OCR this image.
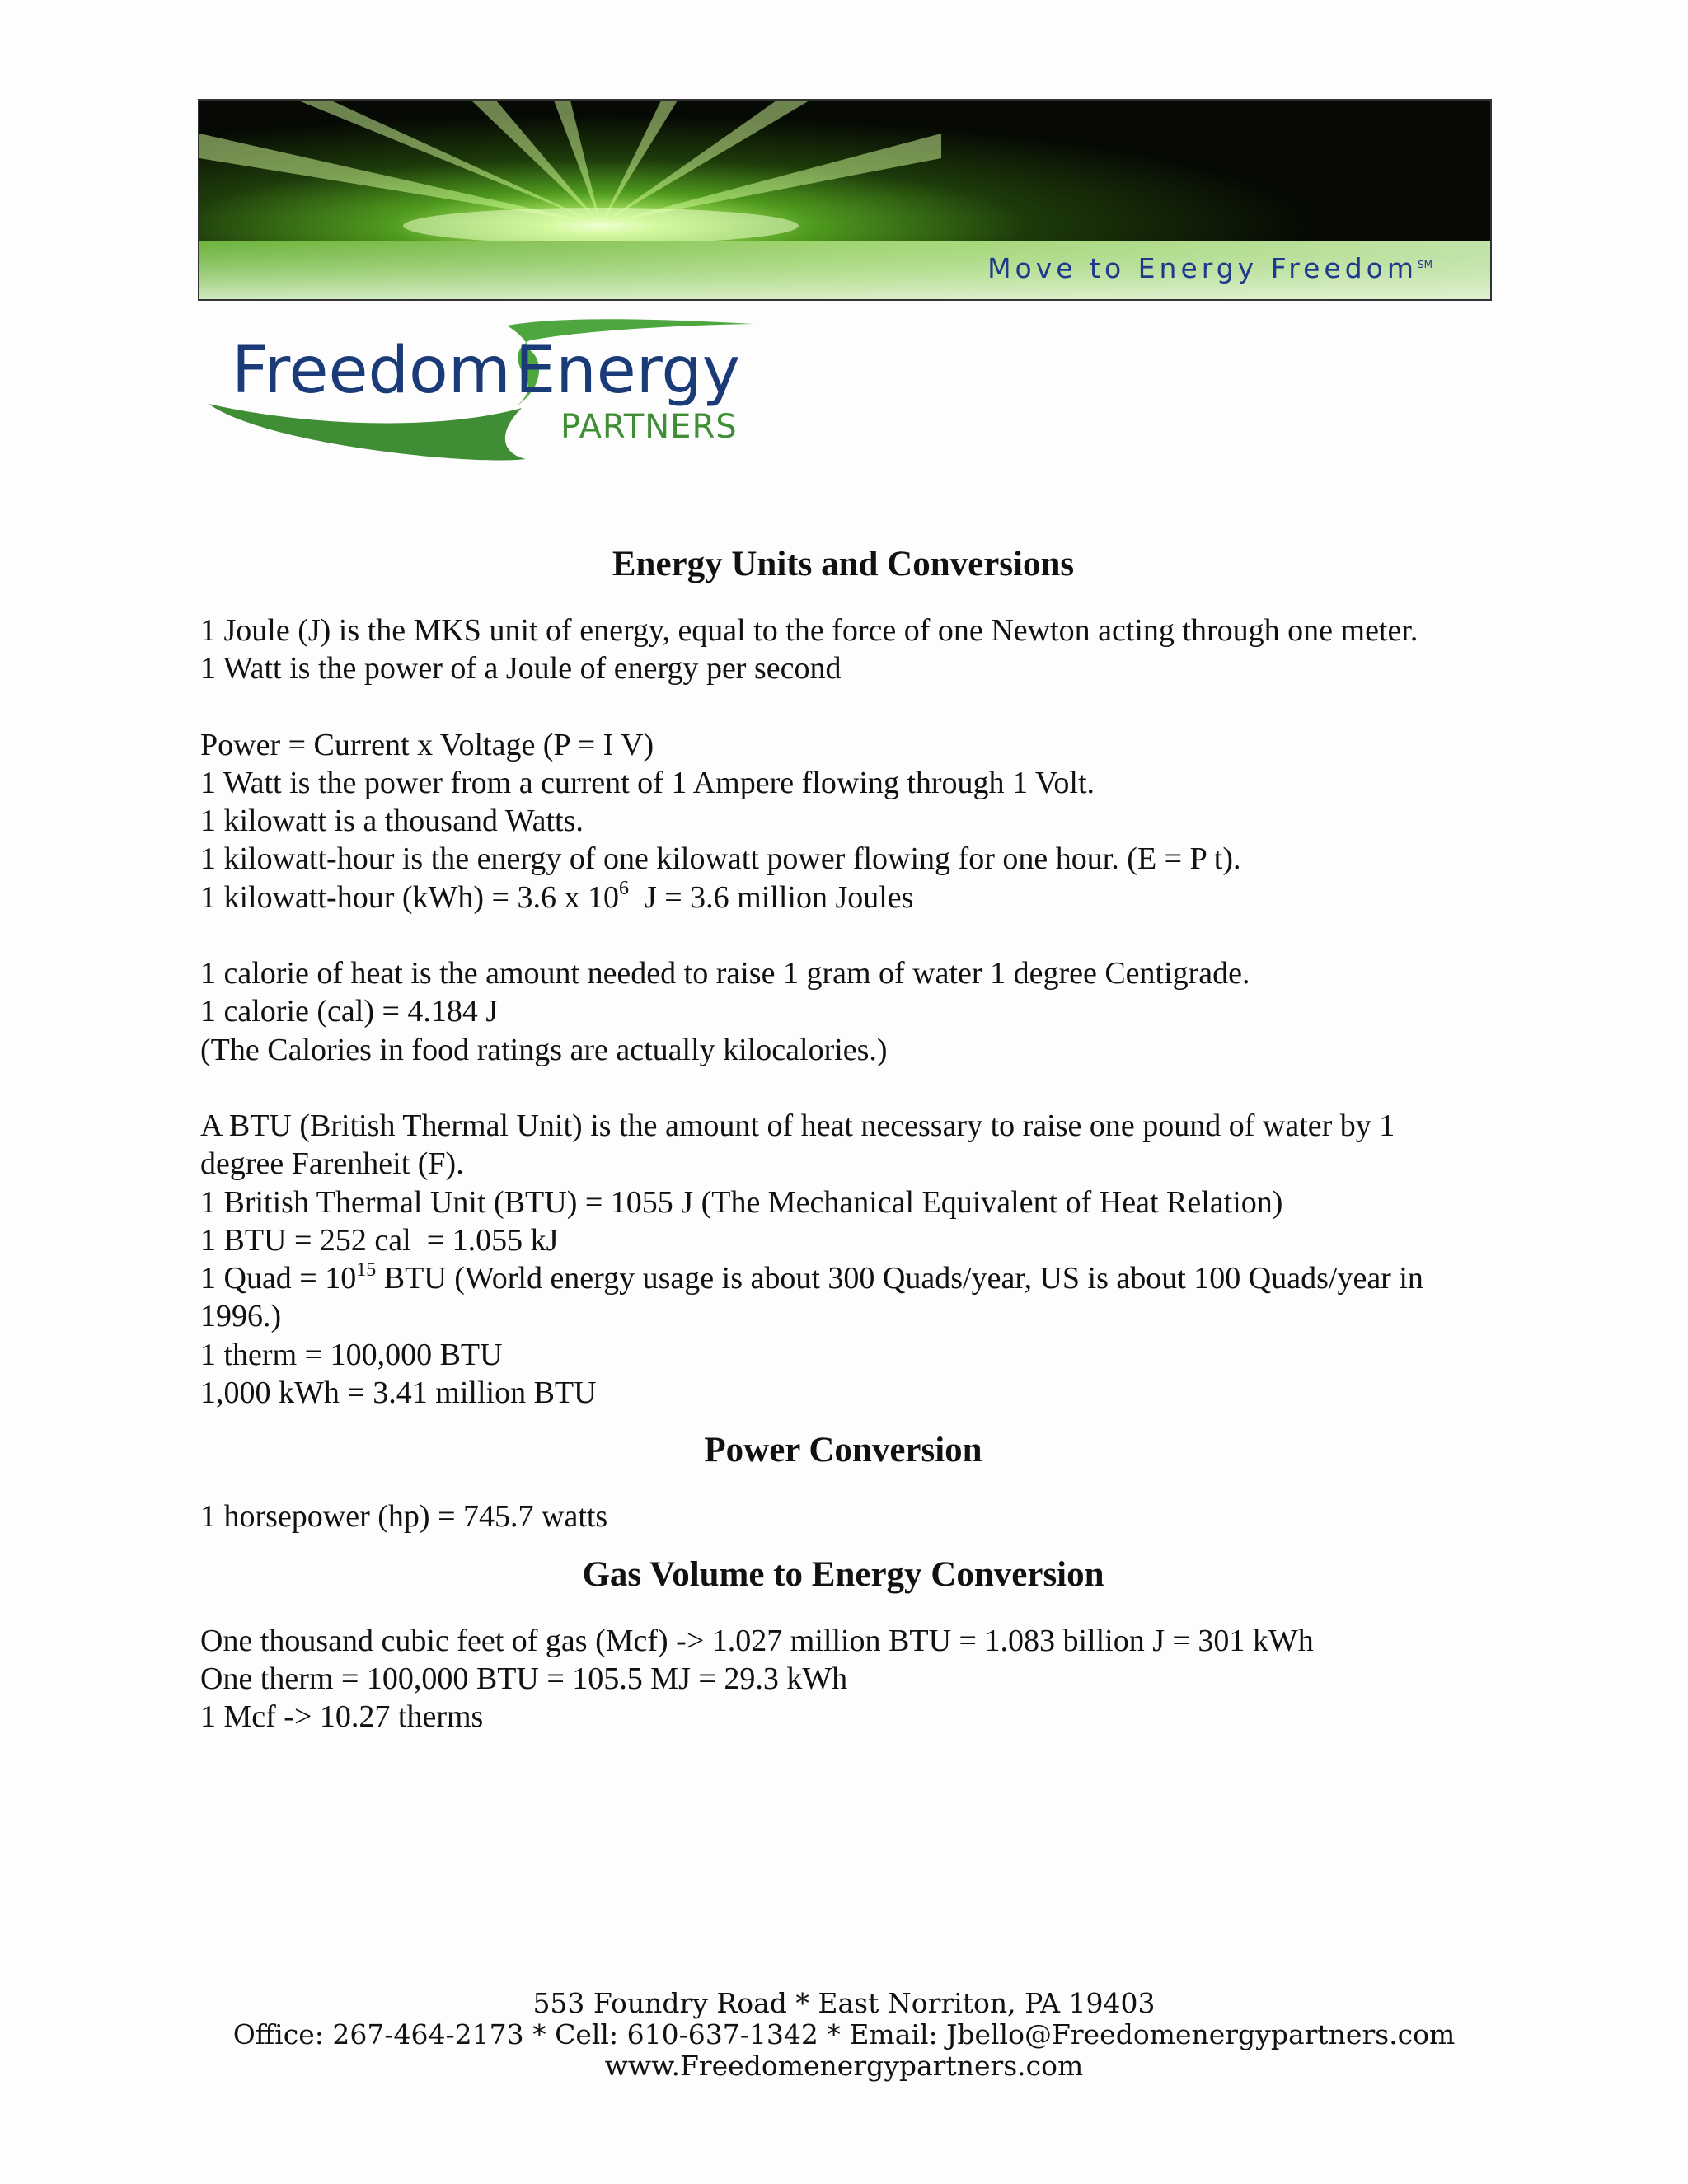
Move to Energy Freedom℠
Freedom Energy
PARTNERS
Energy Units and Conversions

1 Joule (J) is the MKS unit of energy, equal to the force of one Newton acting through one meter.

1 Watt is the power of a Joule of energy per second

Power = Current x Voltage (P = I V)

1 Watt is the power from a current of 1 Ampere flowing through 1 Volt.

1 kilowatt is a thousand Watts.

1 kilowatt-hour is the energy of one kilowatt power flowing for one hour. (E = P t).

1 kilowatt-hour (kWh) = 3.6 x $10^6$  J = 3.6 million Joules

1 calorie of heat is the amount needed to raise 1 gram of water 1 degree Centigrade.

1 calorie (cal) = 4.184 J

(The Calories in food ratings are actually kilocalories.)

A BTU (British Thermal Unit) is the amount of heat necessary to raise one pound of water by 1 degree Farenheit (F).

1 British Thermal Unit (BTU) = 1055 J (The Mechanical Equivalent of Heat Relation)

1 BTU = 252 cal  = 1.055 kJ

1 Quad = $10^{15}$ BTU (World energy usage is about 300 Quads/year, US is about 100 Quads/year in 1996.)

1 therm = 100,000 BTU

1,000 kWh = 3.41 million BTU

Power Conversion

1 horsepower (hp) = 745.7 watts

Gas Volume to Energy Conversion

One thousand cubic feet of gas (Mcf) -> 1.027 million BTU = 1.083 billion J = 301 kWh

One therm = 100,000 BTU = 105.5 MJ = 29.3 kWh

1 Mcf -> 10.27 therms

553 Foundry Road * East Norriton, PA 19403
Office: 267-464-2173 * Cell: 610-637-1342 * Email: Jbello@Freedomenergypartners.com
www.Freedomenergypartners.com
